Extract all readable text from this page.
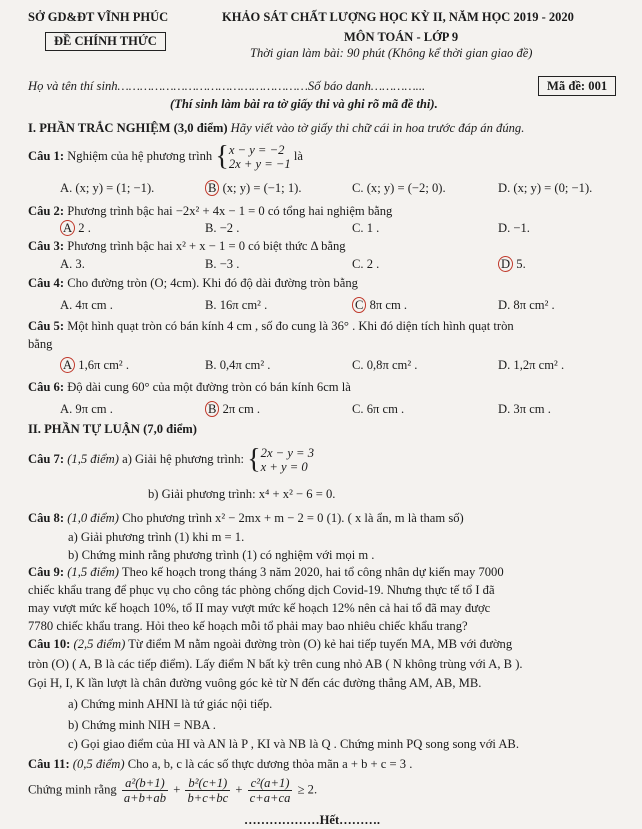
SỞ GD&ĐT VĨNH PHÚC	KHẢO SÁT CHẤT LƯỢNG HỌC KỲ II, NĂM HỌC 2019 - 2020
ĐỀ CHÍNH THỨC	MÔN TOÁN - LỚP 9
Thời gian làm bài: 90 phút (Không kể thời gian giao đề)
Họ và tên thí sinh……………………………………………Số báo danh…………...	Mã đề: 001
(Thí sinh làm bài ra tờ giấy thi và ghi rõ mã đề thi).
I. PHẦN TRẮC NGHIỆM (3,0 điểm) Hãy viết vào tờ giấy thi chữ cái in hoa trước đáp án đúng.
Câu 1: Nghiệm của hệ phương trình { x − y = −2
2x + y = −1
là
A. (x; y) = (1; −1).	B (x; y) = (−1; 1).	C. (x; y) = (−2; 0).	D. (x; y) = (0; −1).
Câu 2: Phương trình bậc hai −2x² + 4x − 1 = 0 có tổng hai nghiệm bằng
A 2 .	B. −2 .	C. 1 .	D. −1.
Câu 3: Phương trình bậc hai x² + x − 1 = 0 có biệt thức Δ bằng
A. 3.	B. −3 .	C. 2 .	D 5.
Câu 4: Cho đường tròn (O; 4cm). Khi đó độ dài đường tròn bằng
A. 4π cm .	B. 16π cm² .	C 8π cm .	D. 8π cm² .
Câu 5: Một hình quạt tròn có bán kính 4 cm , số đo cung là 36° . Khi đó diện tích hình quạt tròn
bằng
A 1,6π cm² .	B. 0,4π cm² .	C. 0,8π cm² .	D. 1,2π cm² .
Câu 6: Độ dài cung 60° của một đường tròn có bán kính 6cm là
A. 9π cm .	B 2π cm .	C. 6π cm .	D. 3π cm .
II. PHẦN TỰ LUẬN (7,0 điểm)
Câu 7: (1,5 điểm) a) Giải hệ phương trình: { 2x − y = 3
x + y = 0
b) Giải phương trình: x⁴ + x² − 6 = 0.
Câu 8: (1,0 điểm) Cho phương trình x² − 2mx + m − 2 = 0 (1). ( x là ẩn, m là tham số)
a) Giải phương trình (1) khi m = 1.
b) Chứng minh rằng phương trình (1) có nghiệm với mọi m .
Câu 9: (1,5 điểm) Theo kế hoạch trong tháng 3 năm 2020, hai tổ công nhân dự kiến may 7000
chiếc khẩu trang để phục vụ cho công tác phòng chống dịch Covid-19. Nhưng thực tế tổ I đã
may vượt mức kế hoạch 10%, tổ II may vượt mức kế hoạch 12% nên cả hai tổ đã may được
7780 chiếc khẩu trang. Hỏi theo kế hoạch mỗi tổ phải may bao nhiêu chiếc khẩu trang?
Câu 10: (2,5 điểm) Từ điểm M nằm ngoài đường tròn (O) kẻ hai tiếp tuyến MA, MB với đường
tròn (O) ( A, B là các tiếp điểm). Lấy điểm N bất kỳ trên cung nhỏ AB ( N không trùng với A, B ).
Gọi H, I, K lần lượt là chân đường vuông góc kẻ từ N đến các đường thẳng AM, AB, MB.
a) Chứng minh AHNI là tứ giác nội tiếp.
b) Chứng minh NIH = NBA .
c) Gọi giao điểm của HI và AN là P , KI và NB là Q . Chứng minh PQ song song với AB.
Câu 11: (0,5 điểm) Cho a, b, c là các số thực dương thỏa mãn a + b + c = 3 .
Chứng minh rằng $\frac{\text{a²(b+1)}}{a+b+ab} + \frac{\text{b²(c+1)}}{b+c+bc} + \frac{\text{c²(a+1)}}{c+a+ca} \ge 2$.
………………Hết……….
